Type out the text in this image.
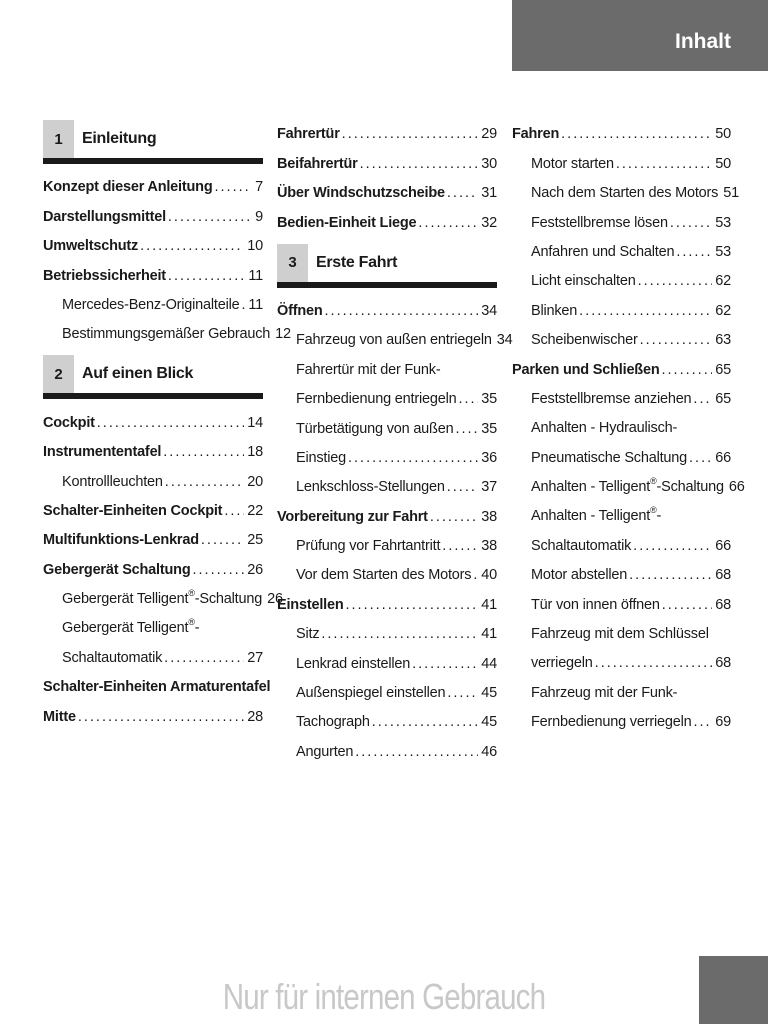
Inhalt
1	Einleitung
Konzept dieser Anleitung .....	7
Darstellungsmittel .....	9
Umweltschutz .....	10
Betriebssicherheit .....	11
Mercedes-Benz-Originalteile ..... 11
Bestimmungsgemäßer Gebrauch 12
2	Auf einen Blick
Cockpit .....	14
Instrumententafel .....	18
Kontrollleuchten .....	20
Schalter-Einheiten Cockpit ..... 22
Multifunktions-Lenkrad .....	25
Gebergerät Schaltung .....	26
Gebergerät Telligent®-Schaltung 26
Gebergerät Telligent®-
Schaltautomatik .....	27
Schalter-Einheiten Armaturentafel
Mitte .....	28
Fahrertür .....	29
Beifahrertür .....	30
Über Windschutzscheibe .....	31
Bedien-Einheit Liege .....	32
3	Erste Fahrt
Öffnen .....	34
Fahrzeug von außen entriegeln 34
Fahrertür mit der Funk-
Fernbedienung entriegeln ..... 35
Türbetätigung von außen ..... 35
Einstieg .....	36
Lenkschloss-Stellungen .....	37
Vorbereitung zur Fahrt .....	38
Prüfung vor Fahrtantritt .....	38
Vor dem Starten des Motors ..... 40
Einstellen .....	41
Sitz .....	41
Lenkrad einstellen .....	44
Außenspiegel einstellen ..... 45
Tachograph .....	45
Angurten .....	46
Fahren .....	50
Motor starten .....	50
Nach dem Starten des Motors 51
Feststellbremse lösen .....	53
Anfahren und Schalten .....	53
Licht einschalten .....	62
Blinken .....	62
Scheibenwischer .....	63
Parken und Schließen .....	65
Feststellbremse anziehen ..... 65
Anhalten - Hydraulisch-
Pneumatische Schaltung ..... 66
Anhalten - Telligent®-Schaltung 66
Anhalten - Telligent®-
Schaltautomatik .....	66
Motor abstellen .....	68
Tür von innen öffnen .....	68
Fahrzeug mit dem Schlüssel
verriegeln .....	68
Fahrzeug mit der Funk-
Fernbedienung verriegeln ..... 69
Nur für internen Gebrauch
